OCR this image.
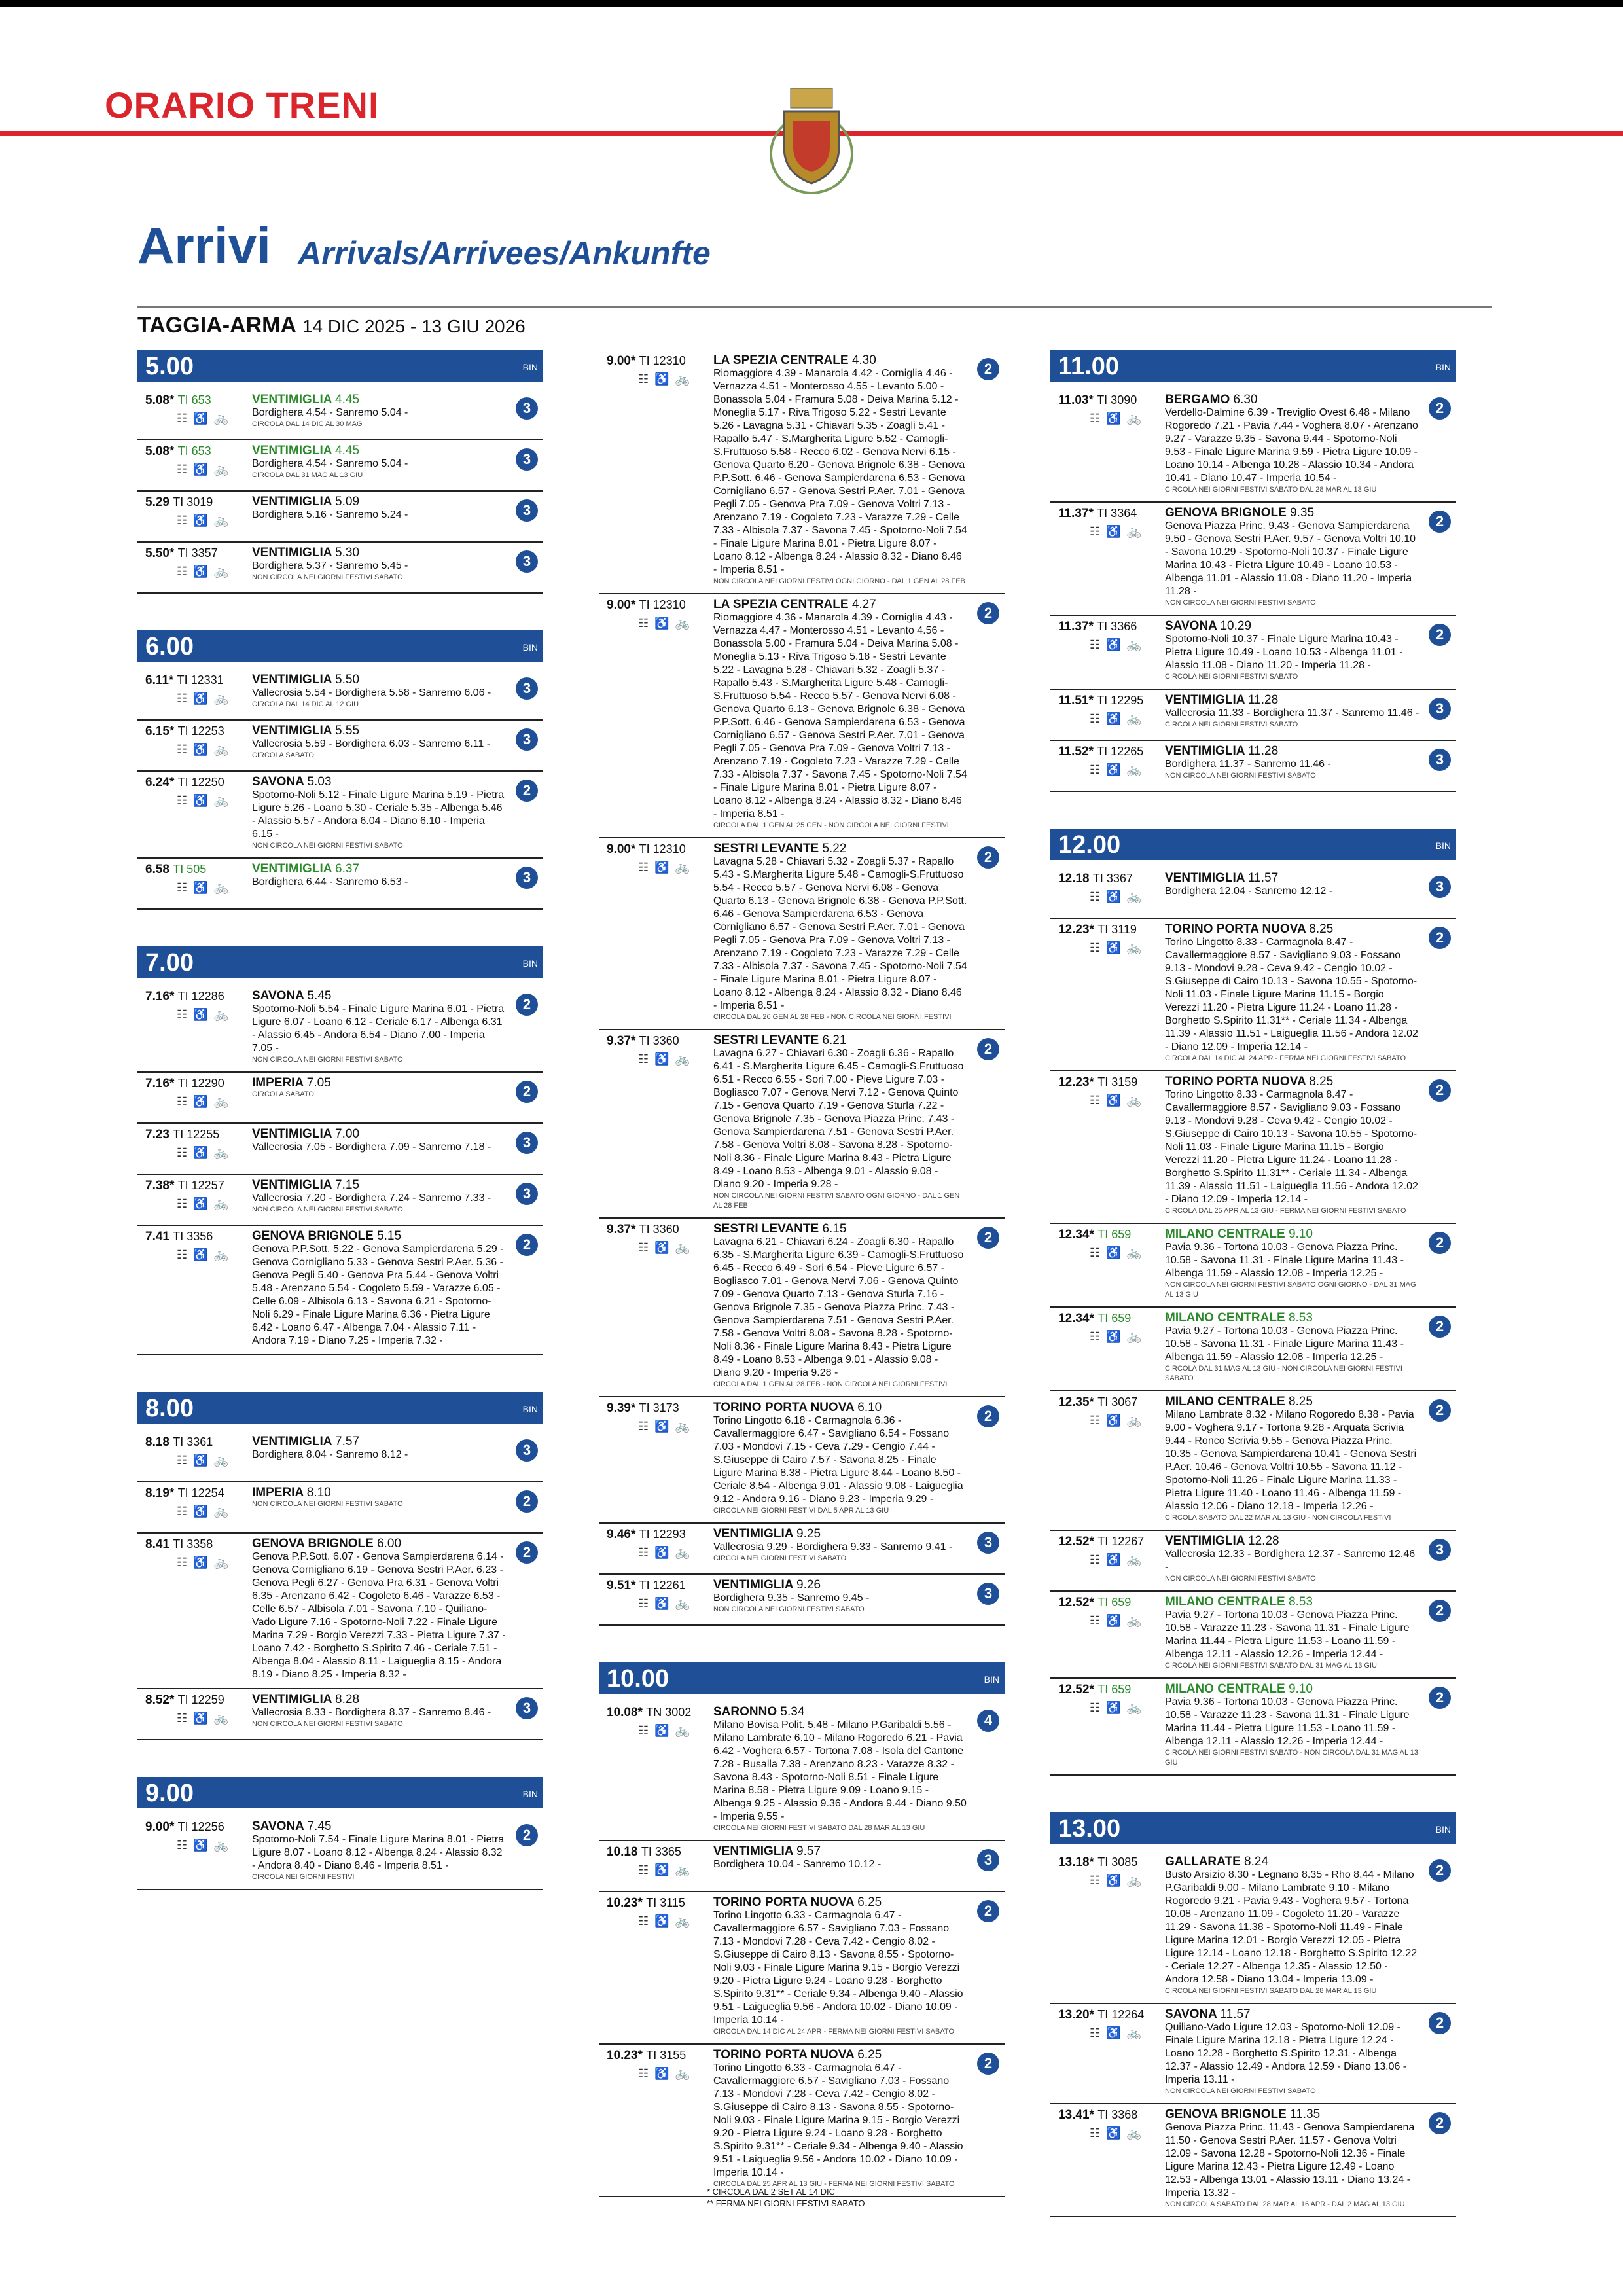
ORARIO TRENI
Arrivi Arrivals/Arrivees/Ankunfte
TAGGIA-ARMA 14 DIC 2025 - 13 GIU 2026
5.00	BIN
5.08* TI 653
☷ ♿ 🚲
VENTIMIGLIA 4.45
Bordighera 4.54 - Sanremo 5.04 -
CIRCOLA DAL 14 DIC AL 30 MAG
3
5.08* TI 653
☷ ♿ 🚲
VENTIMIGLIA 4.45
Bordighera 4.54 - Sanremo 5.04 -
CIRCOLA DAL 31 MAG AL 13 GIU
3
5.29 TI 3019
☷ ♿ 🚲
VENTIMIGLIA 5.09
Bordighera 5.16 - Sanremo 5.24 -	3
5.50* TI 3357
☷ ♿ 🚲
VENTIMIGLIA 5.30
Bordighera 5.37 - Sanremo 5.45 -
NON CIRCOLA NEI GIORNI FESTIVI SABATO
3
6.00	BIN
6.11* TI 12331
☷ ♿ 🚲
VENTIMIGLIA 5.50
Vallecrosia 5.54 - Bordighera 5.58 - Sanremo 6.06 -
CIRCOLA DAL 14 DIC AL 12 GIU
3
6.15* TI 12253
☷ ♿ 🚲
VENTIMIGLIA 5.55
Vallecrosia 5.59 - Bordighera 6.03 - Sanremo 6.11 -
CIRCOLA SABATO
3
6.24* TI 12250
☷ ♿ 🚲
SAVONA 5.03
Spotorno-Noli 5.12 - Finale Ligure Marina 5.19 - Pietra Ligure 5.26 - Loano 5.30 - Ceriale 5.35 - Albenga 5.46 - Alassio 5.57 - Andora 6.04 - Diano 6.10 - Imperia 6.15 -
NON CIRCOLA NEI GIORNI FESTIVI SABATO
2
6.58 TI 505
☷ ♿ 🚲
VENTIMIGLIA 6.37
Bordighera 6.44 - Sanremo 6.53 -	3
7.00	BIN
7.16* TI 12286
☷ ♿ 🚲
SAVONA 5.45
Spotorno-Noli 5.54 - Finale Ligure Marina 6.01 - Pietra Ligure 6.07 - Loano 6.12 - Ceriale 6.17 - Albenga 6.31 - Alassio 6.45 - Andora 6.54 - Diano 7.00 - Imperia 7.05 -
NON CIRCOLA NEI GIORNI FESTIVI SABATO
2
7.16* TI 12290
☷ ♿ 🚲
IMPERIA 7.05
CIRCOLA SABATO	2
7.23 TI 12255
☷ ♿ 🚲
VENTIMIGLIA 7.00
Vallecrosia 7.05 - Bordighera 7.09 - Sanremo 7.18 -	3
7.38* TI 12257
☷ ♿ 🚲
VENTIMIGLIA 7.15
Vallecrosia 7.20 - Bordighera 7.24 - Sanremo 7.33 -
NON CIRCOLA NEI GIORNI FESTIVI SABATO
3
7.41 TI 3356
☷ ♿ 🚲
GENOVA BRIGNOLE 5.15
Genova P.P.Sott. 5.22 - Genova Sampierdarena 5.29 - Genova Cornigliano 5.33 - Genova Sestri P.Aer. 5.36 - Genova Pegli 5.40 - Genova Pra 5.44 - Genova Voltri 5.48 - Arenzano 5.54 - Cogoleto 5.59 - Varazze 6.05 - Celle 6.09 - Albisola 6.13 - Savona 6.21 - Spotorno-Noli 6.29 - Finale Ligure Marina 6.36 - Pietra Ligure 6.42 - Loano 6.47 - Albenga 7.04 - Alassio 7.11 - Andora 7.19 - Diano 7.25 - Imperia 7.32 -
2
8.00	BIN
8.18 TI 3361
☷ ♿ 🚲
VENTIMIGLIA 7.57
Bordighera 8.04 - Sanremo 8.12 -	3
8.19* TI 12254
☷ ♿ 🚲
IMPERIA 8.10
NON CIRCOLA NEI GIORNI FESTIVI SABATO	2
8.41 TI 3358
☷ ♿ 🚲
GENOVA BRIGNOLE 6.00
Genova P.P.Sott. 6.07 - Genova Sampierdarena 6.14 - Genova Cornigliano 6.19 - Genova Sestri P.Aer. 6.23 - Genova Pegli 6.27 - Genova Pra 6.31 - Genova Voltri 6.35 - Arenzano 6.42 - Cogoleto 6.46 - Varazze 6.53 - Celle 6.57 - Albisola 7.01 - Savona 7.10 - Quiliano-Vado Ligure 7.16 - Spotorno-Noli 7.22 - Finale Ligure Marina 7.29 - Borgio Verezzi 7.33 - Pietra Ligure 7.37 - Loano 7.42 - Borghetto S.Spirito 7.46 - Ceriale 7.51 - Albenga 8.04 - Alassio 8.11 - Laigueglia 8.15 - Andora 8.19 - Diano 8.25 - Imperia 8.32 -
2
8.52* TI 12259
☷ ♿ 🚲
VENTIMIGLIA 8.28
Vallecrosia 8.33 - Bordighera 8.37 - Sanremo 8.46 -
NON CIRCOLA NEI GIORNI FESTIVI SABATO
3
9.00	BIN
9.00* TI 12256
☷ ♿ 🚲
SAVONA 7.45
Spotorno-Noli 7.54 - Finale Ligure Marina 8.01 - Pietra Ligure 8.07 - Loano 8.12 - Albenga 8.24 - Alassio 8.32 - Andora 8.40 - Diano 8.46 - Imperia 8.51 -
CIRCOLA NEI GIORNI FESTIVI
2
9.00* TI 12310
☷ ♿ 🚲
LA SPEZIA CENTRALE 4.30
Riomaggiore 4.39 - Manarola 4.42 - Corniglia 4.46 - Vernazza 4.51 - Monterosso 4.55 - Levanto 5.00 - Bonassola 5.04 - Framura 5.08 - Deiva Marina 5.12 - Moneglia 5.17 - Riva Trigoso 5.22 - Sestri Levante 5.26 - Lavagna 5.31 - Chiavari 5.35 - Zoagli 5.41 - Rapallo 5.47 - S.Margherita Ligure 5.52 - Camogli-S.Fruttuoso 5.58 - Recco 6.02 - Genova Nervi 6.15 - Genova Quarto 6.20 - Genova Brignole 6.38 - Genova P.P.Sott. 6.46 - Genova Sampierdarena 6.53 - Genova Cornigliano 6.57 - Genova Sestri P.Aer. 7.01 - Genova Pegli 7.05 - Genova Pra 7.09 - Genova Voltri 7.13 - Arenzano 7.19 - Cogoleto 7.23 - Varazze 7.29 - Celle 7.33 - Albisola 7.37 - Savona 7.45 - Spotorno-Noli 7.54 - Finale Ligure Marina 8.01 - Pietra Ligure 8.07 - Loano 8.12 - Albenga 8.24 - Alassio 8.32 - Diano 8.46 - Imperia 8.51 -
NON CIRCOLA NEI GIORNI FESTIVI OGNI GIORNO - DAL 1 GEN AL 28 FEB
2
9.00* TI 12310
☷ ♿ 🚲
LA SPEZIA CENTRALE 4.27
Riomaggiore 4.36 - Manarola 4.39 - Corniglia 4.43 - Vernazza 4.47 - Monterosso 4.51 - Levanto 4.56 - Bonassola 5.00 - Framura 5.04 - Deiva Marina 5.08 - Moneglia 5.13 - Riva Trigoso 5.18 - Sestri Levante 5.22 - Lavagna 5.28 - Chiavari 5.32 - Zoagli 5.37 - Rapallo 5.43 - S.Margherita Ligure 5.48 - Camogli-S.Fruttuoso 5.54 - Recco 5.57 - Genova Nervi 6.08 - Genova Quarto 6.13 - Genova Brignole 6.38 - Genova P.P.Sott. 6.46 - Genova Sampierdarena 6.53 - Genova Cornigliano 6.57 - Genova Sestri P.Aer. 7.01 - Genova Pegli 7.05 - Genova Pra 7.09 - Genova Voltri 7.13 - Arenzano 7.19 - Cogoleto 7.23 - Varazze 7.29 - Celle 7.33 - Albisola 7.37 - Savona 7.45 - Spotorno-Noli 7.54 - Finale Ligure Marina 8.01 - Pietra Ligure 8.07 - Loano 8.12 - Albenga 8.24 - Alassio 8.32 - Diano 8.46 - Imperia 8.51 -
CIRCOLA DAL 1 GEN AL 25 GEN - NON CIRCOLA NEI GIORNI FESTIVI
2
9.00* TI 12310
☷ ♿ 🚲
SESTRI LEVANTE 5.22
Lavagna 5.28 - Chiavari 5.32 - Zoagli 5.37 - Rapallo 5.43 - S.Margherita Ligure 5.48 - Camogli-S.Fruttuoso 5.54 - Recco 5.57 - Genova Nervi 6.08 - Genova Quarto 6.13 - Genova Brignole 6.38 - Genova P.P.Sott. 6.46 - Genova Sampierdarena 6.53 - Genova Cornigliano 6.57 - Genova Sestri P.Aer. 7.01 - Genova Pegli 7.05 - Genova Pra 7.09 - Genova Voltri 7.13 - Arenzano 7.19 - Cogoleto 7.23 - Varazze 7.29 - Celle 7.33 - Albisola 7.37 - Savona 7.45 - Spotorno-Noli 7.54 - Finale Ligure Marina 8.01 - Pietra Ligure 8.07 - Loano 8.12 - Albenga 8.24 - Alassio 8.32 - Diano 8.46 - Imperia 8.51 -
CIRCOLA DAL 26 GEN AL 28 FEB - NON CIRCOLA NEI GIORNI FESTIVI
2
9.37* TI 3360
☷ ♿ 🚲
SESTRI LEVANTE 6.21
Lavagna 6.27 - Chiavari 6.30 - Zoagli 6.36 - Rapallo 6.41 - S.Margherita Ligure 6.45 - Camogli-S.Fruttuoso 6.51 - Recco 6.55 - Sori 7.00 - Pieve Ligure 7.03 - Bogliasco 7.07 - Genova Nervi 7.12 - Genova Quinto 7.15 - Genova Quarto 7.19 - Genova Sturla 7.22 - Genova Brignole 7.35 - Genova Piazza Princ. 7.43 - Genova Sampierdarena 7.51 - Genova Sestri P.Aer. 7.58 - Genova Voltri 8.08 - Savona 8.28 - Spotorno-Noli 8.36 - Finale Ligure Marina 8.43 - Pietra Ligure 8.49 - Loano 8.53 - Albenga 9.01 - Alassio 9.08 - Diano 9.20 - Imperia 9.28 -
NON CIRCOLA NEI GIORNI FESTIVI SABATO OGNI GIORNO - DAL 1 GEN AL 28 FEB
2
9.37* TI 3360
☷ ♿ 🚲
SESTRI LEVANTE 6.15
Lavagna 6.21 - Chiavari 6.24 - Zoagli 6.30 - Rapallo 6.35 - S.Margherita Ligure 6.39 - Camogli-S.Fruttuoso 6.45 - Recco 6.49 - Sori 6.54 - Pieve Ligure 6.57 - Bogliasco 7.01 - Genova Nervi 7.06 - Genova Quinto 7.09 - Genova Quarto 7.13 - Genova Sturla 7.16 - Genova Brignole 7.35 - Genova Piazza Princ. 7.43 - Genova Sampierdarena 7.51 - Genova Sestri P.Aer. 7.58 - Genova Voltri 8.08 - Savona 8.28 - Spotorno-Noli 8.36 - Finale Ligure Marina 8.43 - Pietra Ligure 8.49 - Loano 8.53 - Albenga 9.01 - Alassio 9.08 - Diano 9.20 - Imperia 9.28 -
CIRCOLA DAL 1 GEN AL 28 FEB - NON CIRCOLA NEI GIORNI FESTIVI
2
9.39* TI 3173
☷ ♿ 🚲
TORINO PORTA NUOVA 6.10
Torino Lingotto 6.18 - Carmagnola 6.36 - Cavallermaggiore 6.47 - Savigliano 6.54 - Fossano 7.03 - Mondovi 7.15 - Ceva 7.29 - Cengio 7.44 - S.Giuseppe di Cairo 7.57 - Savona 8.25 - Finale Ligure Marina 8.38 - Pietra Ligure 8.44 - Loano 8.50 - Ceriale 8.54 - Albenga 9.01 - Alassio 9.08 - Laigueglia 9.12 - Andora 9.16 - Diano 9.23 - Imperia 9.29 -
CIRCOLA NEI GIORNI FESTIVI DAL 5 APR AL 13 GIU
2
9.46* TI 12293
☷ ♿ 🚲
VENTIMIGLIA 9.25
Vallecrosia 9.29 - Bordighera 9.33 - Sanremo 9.41 -
CIRCOLA NEI GIORNI FESTIVI SABATO
3
9.51* TI 12261
☷ ♿ 🚲
VENTIMIGLIA 9.26
Bordighera 9.35 - Sanremo 9.45 -
NON CIRCOLA NEI GIORNI FESTIVI SABATO
3
10.00	BIN
10.08* TN 3002
☷ ♿ 🚲
SARONNO 5.34
Milano Bovisa Polit. 5.48 - Milano P.Garibaldi 5.56 - Milano Lambrate 6.10 - Milano Rogoredo 6.21 - Pavia 6.42 - Voghera 6.57 - Tortona 7.08 - Isola del Cantone 7.28 - Busalla 7.38 - Arenzano 8.23 - Varazze 8.32 - Savona 8.43 - Spotorno-Noli 8.51 - Finale Ligure Marina 8.58 - Pietra Ligure 9.09 - Loano 9.15 - Albenga 9.25 - Alassio 9.36 - Andora 9.44 - Diano 9.50 - Imperia 9.55 -
CIRCOLA NEI GIORNI FESTIVI SABATO DAL 28 MAR AL 13 GIU
4
10.18 TI 3365
☷ ♿ 🚲
VENTIMIGLIA 9.57
Bordighera 10.04 - Sanremo 10.12 -	3
10.23* TI 3115
☷ ♿ 🚲
TORINO PORTA NUOVA 6.25
Torino Lingotto 6.33 - Carmagnola 6.47 - Cavallermaggiore 6.57 - Savigliano 7.03 - Fossano 7.13 - Mondovi 7.28 - Ceva 7.42 - Cengio 8.02 - S.Giuseppe di Cairo 8.13 - Savona 8.55 - Spotorno-Noli 9.03 - Finale Ligure Marina 9.15 - Borgio Verezzi 9.20 - Pietra Ligure 9.24 - Loano 9.28 - Borghetto S.Spirito 9.31** - Ceriale 9.34 - Albenga 9.40 - Alassio 9.51 - Laigueglia 9.56 - Andora 10.02 - Diano 10.09 - Imperia 10.14 -
CIRCOLA DAL 14 DIC AL 24 APR - FERMA NEI GIORNI FESTIVI SABATO
2
10.23* TI 3155
☷ ♿ 🚲
TORINO PORTA NUOVA 6.25
Torino Lingotto 6.33 - Carmagnola 6.47 - Cavallermaggiore 6.57 - Savigliano 7.03 - Fossano 7.13 - Mondovi 7.28 - Ceva 7.42 - Cengio 8.02 - S.Giuseppe di Cairo 8.13 - Savona 8.55 - Spotorno-Noli 9.03 - Finale Ligure Marina 9.15 - Borgio Verezzi 9.20 - Pietra Ligure 9.24 - Loano 9.28 - Borghetto S.Spirito 9.31** - Ceriale 9.34 - Albenga 9.40 - Alassio 9.51 - Laigueglia 9.56 - Andora 10.02 - Diano 10.09 - Imperia 10.14 -
CIRCOLA DAL 25 APR AL 13 GIU - FERMA NEI GIORNI FESTIVI SABATO
2
11.00	BIN
11.03* TI 3090
☷ ♿ 🚲
BERGAMO 6.30
Verdello-Dalmine 6.39 - Treviglio Ovest 6.48 - Milano Rogoredo 7.21 - Pavia 7.44 - Voghera 8.07 - Arenzano 9.27 - Varazze 9.35 - Savona 9.44 - Spotorno-Noli 9.53 - Finale Ligure Marina 9.59 - Pietra Ligure 10.09 - Loano 10.14 - Albenga 10.28 - Alassio 10.34 - Andora 10.41 - Diano 10.47 - Imperia 10.54 -
CIRCOLA NEI GIORNI FESTIVI SABATO DAL 28 MAR AL 13 GIU
2
11.37* TI 3364
☷ ♿ 🚲
GENOVA BRIGNOLE 9.35
Genova Piazza Princ. 9.43 - Genova Sampierdarena 9.50 - Genova Sestri P.Aer. 9.57 - Genova Voltri 10.10 - Savona 10.29 - Spotorno-Noli 10.37 - Finale Ligure Marina 10.43 - Pietra Ligure 10.49 - Loano 10.53 - Albenga 11.01 - Alassio 11.08 - Diano 11.20 - Imperia 11.28 -
NON CIRCOLA NEI GIORNI FESTIVI SABATO
2
11.37* TI 3366
☷ ♿ 🚲
SAVONA 10.29
Spotorno-Noli 10.37 - Finale Ligure Marina 10.43 - Pietra Ligure 10.49 - Loano 10.53 - Albenga 11.01 - Alassio 11.08 - Diano 11.20 - Imperia 11.28 -
CIRCOLA NEI GIORNI FESTIVI SABATO
2
11.51* TI 12295
☷ ♿ 🚲
VENTIMIGLIA 11.28
Vallecrosia 11.33 - Bordighera 11.37 - Sanremo 11.46 -
CIRCOLA NEI GIORNI FESTIVI SABATO
3
11.52* TI 12265
☷ ♿ 🚲
VENTIMIGLIA 11.28
Bordighera 11.37 - Sanremo 11.46 -
NON CIRCOLA NEI GIORNI FESTIVI SABATO
3
12.00	BIN
12.18 TI 3367
☷ ♿ 🚲
VENTIMIGLIA 11.57
Bordighera 12.04 - Sanremo 12.12 -	3
12.23* TI 3119
☷ ♿ 🚲
TORINO PORTA NUOVA 8.25
Torino Lingotto 8.33 - Carmagnola 8.47 - Cavallermaggiore 8.57 - Savigliano 9.03 - Fossano 9.13 - Mondovi 9.28 - Ceva 9.42 - Cengio 10.02 - S.Giuseppe di Cairo 10.13 - Savona 10.55 - Spotorno-Noli 11.03 - Finale Ligure Marina 11.15 - Borgio Verezzi 11.20 - Pietra Ligure 11.24 - Loano 11.28 - Borghetto S.Spirito 11.31** - Ceriale 11.34 - Albenga 11.39 - Alassio 11.51 - Laigueglia 11.56 - Andora 12.02 - Diano 12.09 - Imperia 12.14 -
CIRCOLA DAL 14 DIC AL 24 APR - FERMA NEI GIORNI FESTIVI SABATO
2
12.23* TI 3159
☷ ♿ 🚲
TORINO PORTA NUOVA 8.25
Torino Lingotto 8.33 - Carmagnola 8.47 - Cavallermaggiore 8.57 - Savigliano 9.03 - Fossano 9.13 - Mondovi 9.28 - Ceva 9.42 - Cengio 10.02 - S.Giuseppe di Cairo 10.13 - Savona 10.55 - Spotorno-Noli 11.03 - Finale Ligure Marina 11.15 - Borgio Verezzi 11.20 - Pietra Ligure 11.24 - Loano 11.28 - Borghetto S.Spirito 11.31** - Ceriale 11.34 - Albenga 11.39 - Alassio 11.51 - Laigueglia 11.56 - Andora 12.02 - Diano 12.09 - Imperia 12.14 -
CIRCOLA DAL 25 APR AL 13 GIU - FERMA NEI GIORNI FESTIVI SABATO
2
12.34* TI 659
☷ ♿ 🚲
MILANO CENTRALE 9.10
Pavia 9.36 - Tortona 10.03 - Genova Piazza Princ. 10.58 - Savona 11.31 - Finale Ligure Marina 11.43 - Albenga 11.59 - Alassio 12.08 - Imperia 12.25 -
NON CIRCOLA NEI GIORNI FESTIVI SABATO OGNI GIORNO - DAL 31 MAG AL 13 GIU
2
12.34* TI 659
☷ ♿ 🚲
MILANO CENTRALE 8.53
Pavia 9.27 - Tortona 10.03 - Genova Piazza Princ. 10.58 - Savona 11.31 - Finale Ligure Marina 11.43 - Albenga 11.59 - Alassio 12.08 - Imperia 12.25 -
CIRCOLA DAL 31 MAG AL 13 GIU - NON CIRCOLA NEI GIORNI FESTIVI SABATO
2
12.35* TI 3067
☷ ♿ 🚲
MILANO CENTRALE 8.25
Milano Lambrate 8.32 - Milano Rogoredo 8.38 - Pavia 9.00 - Voghera 9.17 - Tortona 9.28 - Arquata Scrivia 9.44 - Ronco Scrivia 9.55 - Genova Piazza Princ. 10.35 - Genova Sampierdarena 10.41 - Genova Sestri P.Aer. 10.46 - Genova Voltri 10.55 - Savona 11.12 - Spotorno-Noli 11.26 - Finale Ligure Marina 11.33 - Pietra Ligure 11.40 - Loano 11.46 - Albenga 11.59 - Alassio 12.06 - Diano 12.18 - Imperia 12.26 -
CIRCOLA SABATO DAL 22 MAR AL 13 GIU - NON CIRCOLA FESTIVI
2
12.52* TI 12267
☷ ♿ 🚲
VENTIMIGLIA 12.28
Vallecrosia 12.33 - Bordighera 12.37 - Sanremo 12.46 -
NON CIRCOLA NEI GIORNI FESTIVI SABATO
3
12.52* TI 659
☷ ♿ 🚲
MILANO CENTRALE 8.53
Pavia 9.27 - Tortona 10.03 - Genova Piazza Princ. 10.58 - Varazze 11.23 - Savona 11.31 - Finale Ligure Marina 11.44 - Pietra Ligure 11.53 - Loano 11.59 - Albenga 12.11 - Alassio 12.26 - Imperia 12.44 -
CIRCOLA NEI GIORNI FESTIVI SABATO DAL 31 MAG AL 13 GIU
2
12.52* TI 659
☷ ♿ 🚲
MILANO CENTRALE 9.10
Pavia 9.36 - Tortona 10.03 - Genova Piazza Princ. 10.58 - Varazze 11.23 - Savona 11.31 - Finale Ligure Marina 11.44 - Pietra Ligure 11.53 - Loano 11.59 - Albenga 12.11 - Alassio 12.26 - Imperia 12.44 -
CIRCOLA NEI GIORNI FESTIVI SABATO - NON CIRCOLA DAL 31 MAG AL 13 GIU
2
13.00	BIN
13.18* TI 3085
☷ ♿ 🚲
GALLARATE 8.24
Busto Arsizio 8.30 - Legnano 8.35 - Rho 8.44 - Milano P.Garibaldi 9.00 - Milano Lambrate 9.10 - Milano Rogoredo 9.21 - Pavia 9.43 - Voghera 9.57 - Tortona 10.08 - Arenzano 11.09 - Cogoleto 11.20 - Varazze 11.29 - Savona 11.38 - Spotorno-Noli 11.49 - Finale Ligure Marina 12.01 - Borgio Verezzi 12.05 - Pietra Ligure 12.14 - Loano 12.18 - Borghetto S.Spirito 12.22 - Ceriale 12.27 - Albenga 12.35 - Alassio 12.50 - Andora 12.58 - Diano 13.04 - Imperia 13.09 -
CIRCOLA NEI GIORNI FESTIVI SABATO DAL 28 MAR AL 13 GIU
2
13.20* TI 12264
☷ ♿ 🚲
SAVONA 11.57
Quiliano-Vado Ligure 12.03 - Spotorno-Noli 12.09 - Finale Ligure Marina 12.18 - Pietra Ligure 12.24 - Loano 12.28 - Borghetto S.Spirito 12.31 - Albenga 12.37 - Alassio 12.49 - Andora 12.59 - Diano 13.06 - Imperia 13.11 -
NON CIRCOLA NEI GIORNI FESTIVI SABATO
2
13.41* TI 3368
☷ ♿ 🚲
GENOVA BRIGNOLE 11.35
Genova Piazza Princ. 11.43 - Genova Sampierdarena 11.50 - Genova Sestri P.Aer. 11.57 - Genova Voltri 12.09 - Savona 12.28 - Spotorno-Noli 12.36 - Finale Ligure Marina 12.43 - Pietra Ligure 12.49 - Loano 12.53 - Albenga 13.01 - Alassio 13.11 - Diano 13.24 - Imperia 13.32 -
NON CIRCOLA SABATO DAL 28 MAR AL 16 APR - DAL 2 MAG AL 13 GIU
2
* CIRCOLA DAL 2 SET AL 14 DIC
** FERMA NEI GIORNI FESTIVI SABATO
